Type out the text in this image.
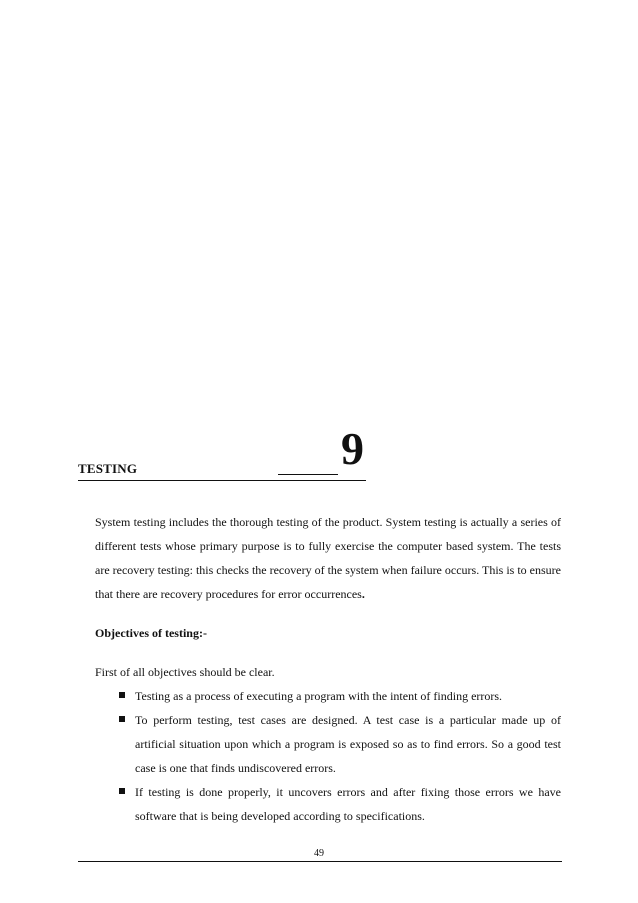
TESTING	9

System testing includes the thorough testing of the product. System testing is actually a series of different tests whose primary purpose is to fully exercise the computer based system. The tests are recovery testing: this checks the recovery of the system when failure occurs. This is to ensure that there are recovery procedures for error occurrences.

Objectives of testing:-

First of all objectives should be clear.

Testing as a process of executing a program with the intent of finding errors.
To perform testing, test cases are designed. A test case is a particular made up of artificial situation upon which a program is exposed so as to find errors. So a good test case is one that finds undiscovered errors.
If testing is done properly, it uncovers errors and after fixing those errors we have software that is being developed according to specifications.
49
